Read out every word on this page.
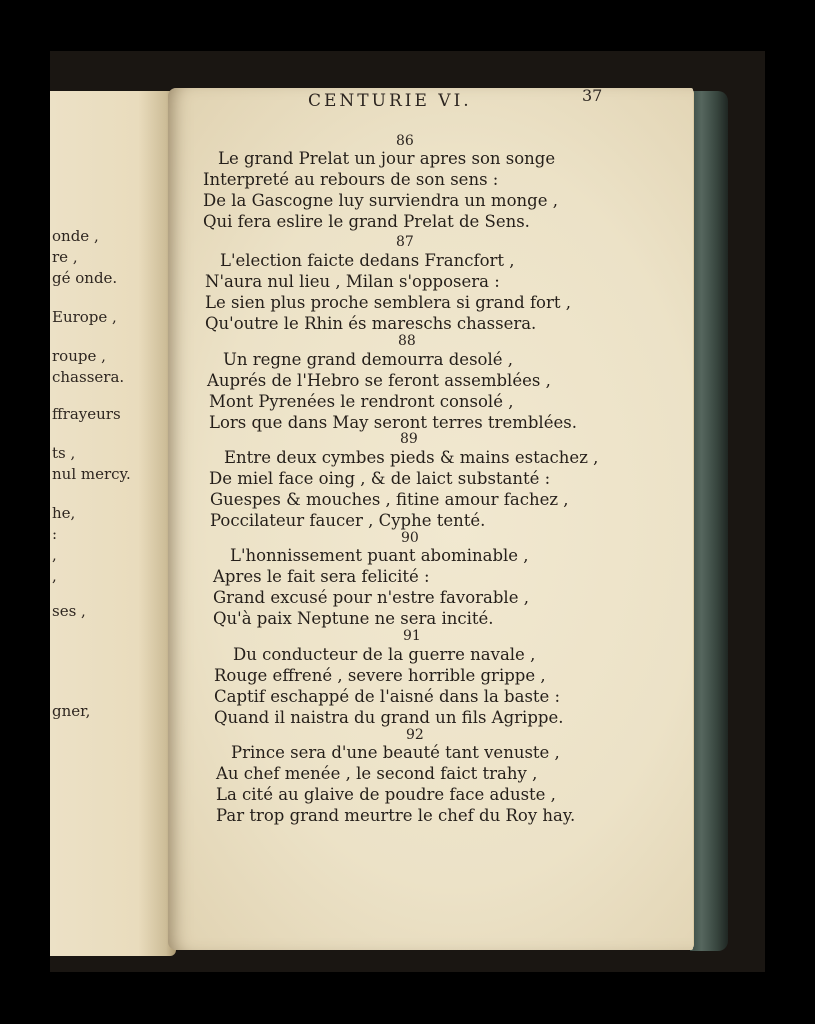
onde ,
re ,
gé onde.
Europe ,
roupe ,
chassera.
ffrayeurs
ts ,
nul mercy.
he,
:
,
,
ses ,
gner,
CENTURIE VI.	37
86
Le grand Prelat un jour apres son songe
Interpreté au rebours de son sens :
De la Gascogne luy surviendra un monge ,
Qui fera eslire le grand Prelat de Sens.
87
L'election faicte dedans Francfort ,
N'aura nul lieu , Milan s'opposera :
Le sien plus proche semblera si grand fort ,
Qu'outre le Rhin és mareschs chassera.
88
Un regne grand demourra desolé ,
Auprés de l'Hebro se feront assemblées ,
Mont Pyrenées le rendront consolé ,
Lors que dans May seront terres tremblées.
89
Entre deux cymbes pieds & mains estachez ,
De miel face oing , & de laict substanté :
Guespes & mouches , fitine amour fachez ,
Poccilateur faucer , Cyphe tenté.
90
L'honnissement puant abominable ,
Apres le fait sera felicité :
Grand excusé pour n'estre favorable ,
Qu'à paix Neptune ne sera incité.
91
Du conducteur de la guerre navale ,
Rouge effrené , severe horrible grippe ,
Captif eschappé de l'aisné dans la baste :
Quand il naistra du grand un fils Agrippe.
92
Prince sera d'une beauté tant venuste ,
Au chef menée , le second faict trahy ,
La cité au glaive de poudre face aduste ,
Par trop grand meurtre le chef du Roy hay.
